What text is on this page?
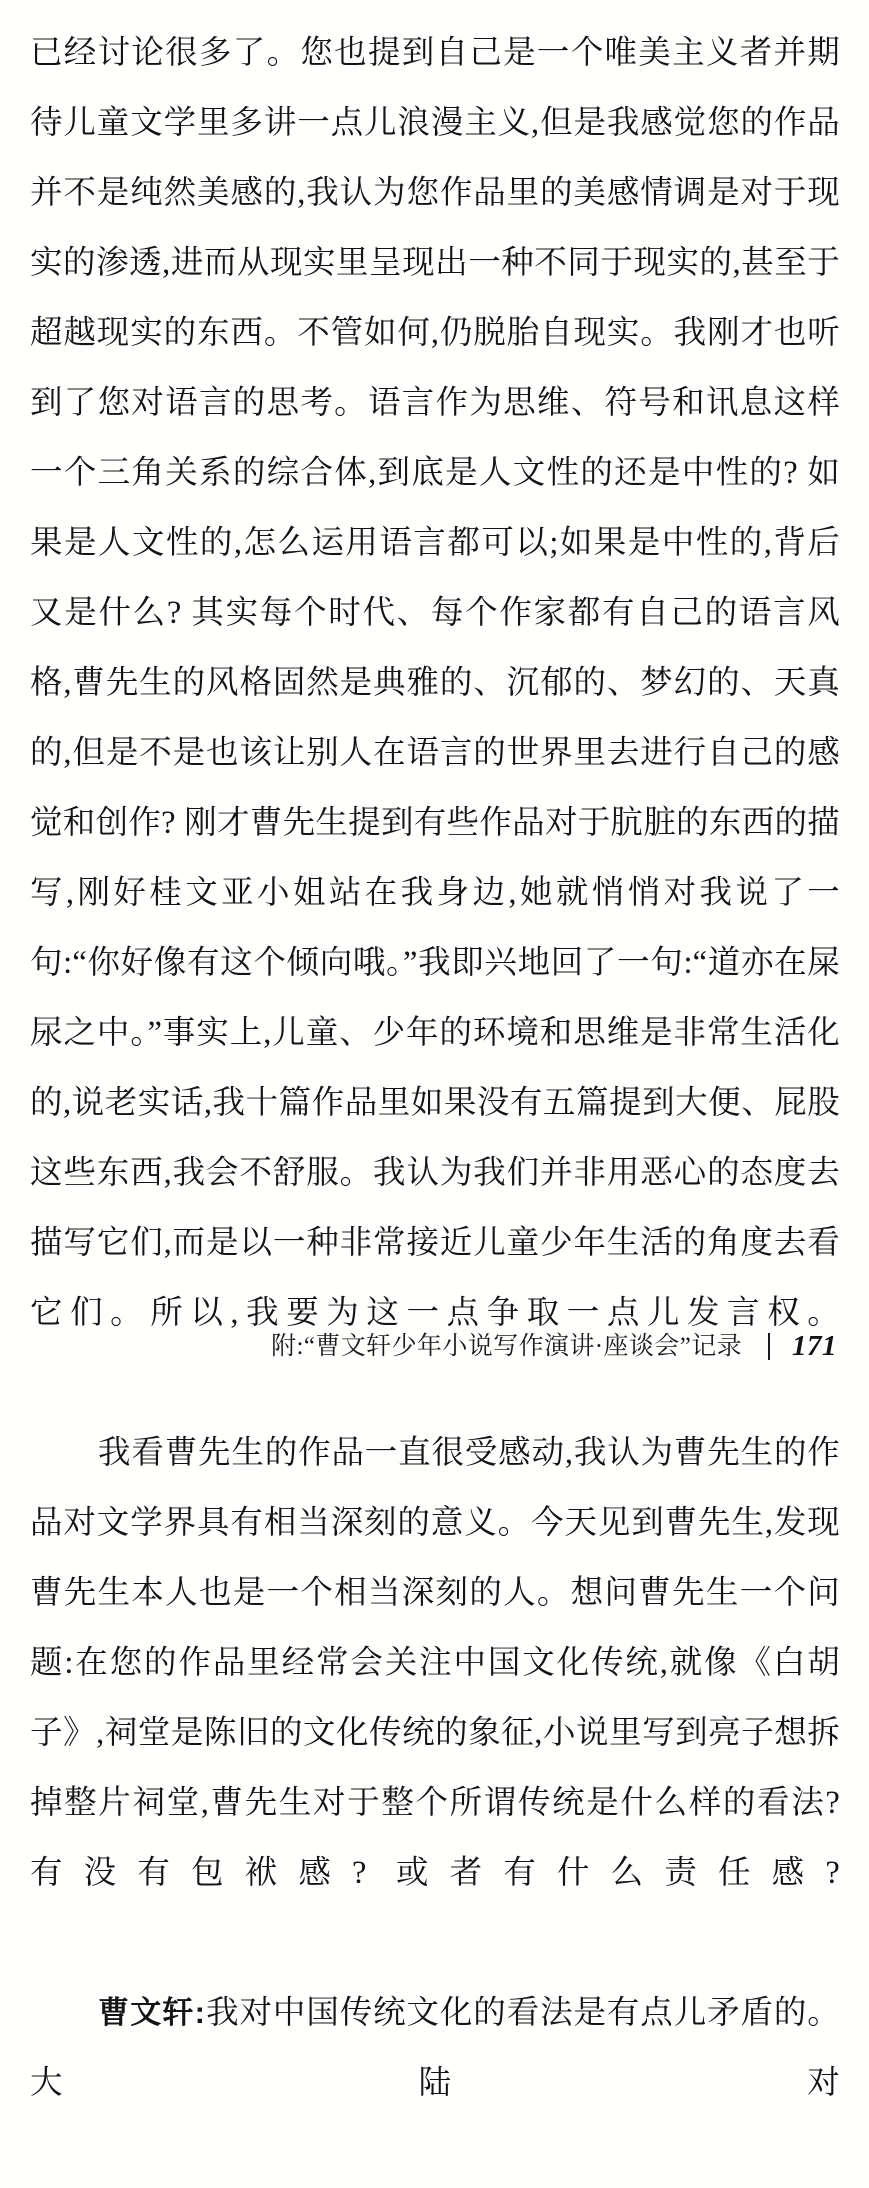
已经讨论很多了。您也提到自己是一个唯美主义者并期待儿童文学里多讲一点儿浪漫主义,但是我感觉您的作品并不是纯然美感的,我认为您作品里的美感情调是对于现实的渗透,进而从现实里呈现出一种不同于现实的,甚至于超越现实的东西。不管如何,仍脱胎自现实。我刚才也听到了您对语言的思考。语言作为思维、符号和讯息这样一个三角关系的综合体,到底是人文性的还是中性的? 如果是人文性的,怎么运用语言都可以;如果是中性的,背后又是什么? 其实每个时代、每个作家都有自己的语言风格,曹先生的风格固然是典雅的、沉郁的、梦幻的、天真的,但是不是也该让别人在语言的世界里去进行自己的感觉和创作? 刚才曹先生提到有些作品对于肮脏的东西的描写,刚好桂文亚小姐站在我身边,她就悄悄对我说了一句:“你好像有这个倾向哦。”我即兴地回了一句:“道亦在屎尿之中。”事实上,儿童、少年的环境和思维是非常生活化的,说老实话,我十篇作品里如果没有五篇提到大便、屁股这些东西,我会不舒服。我认为我们并非用恶心的态度去描写它们,而是以一种非常接近儿童少年生活的角度去看它们。所以,我要为这一点争取一点儿发言权。

我看曹先生的作品一直很受感动,我认为曹先生的作品对文学界具有相当深刻的意义。今天见到曹先生,发现曹先生本人也是一个相当深刻的人。想问曹先生一个问题:在您的作品里经常会关注中国文化传统,就像《白胡子》,祠堂是陈旧的文化传统的象征,小说里写到亮子想拆掉整片祠堂,曹先生对于整个所谓传统是什么样的看法? 有没有包袱感? 或者有什么责任感?

曹文轩:我对中国传统文化的看法是有点儿矛盾的。大陆对

附:“曹文轩少年小说写作演讲·座谈会”记录 171
